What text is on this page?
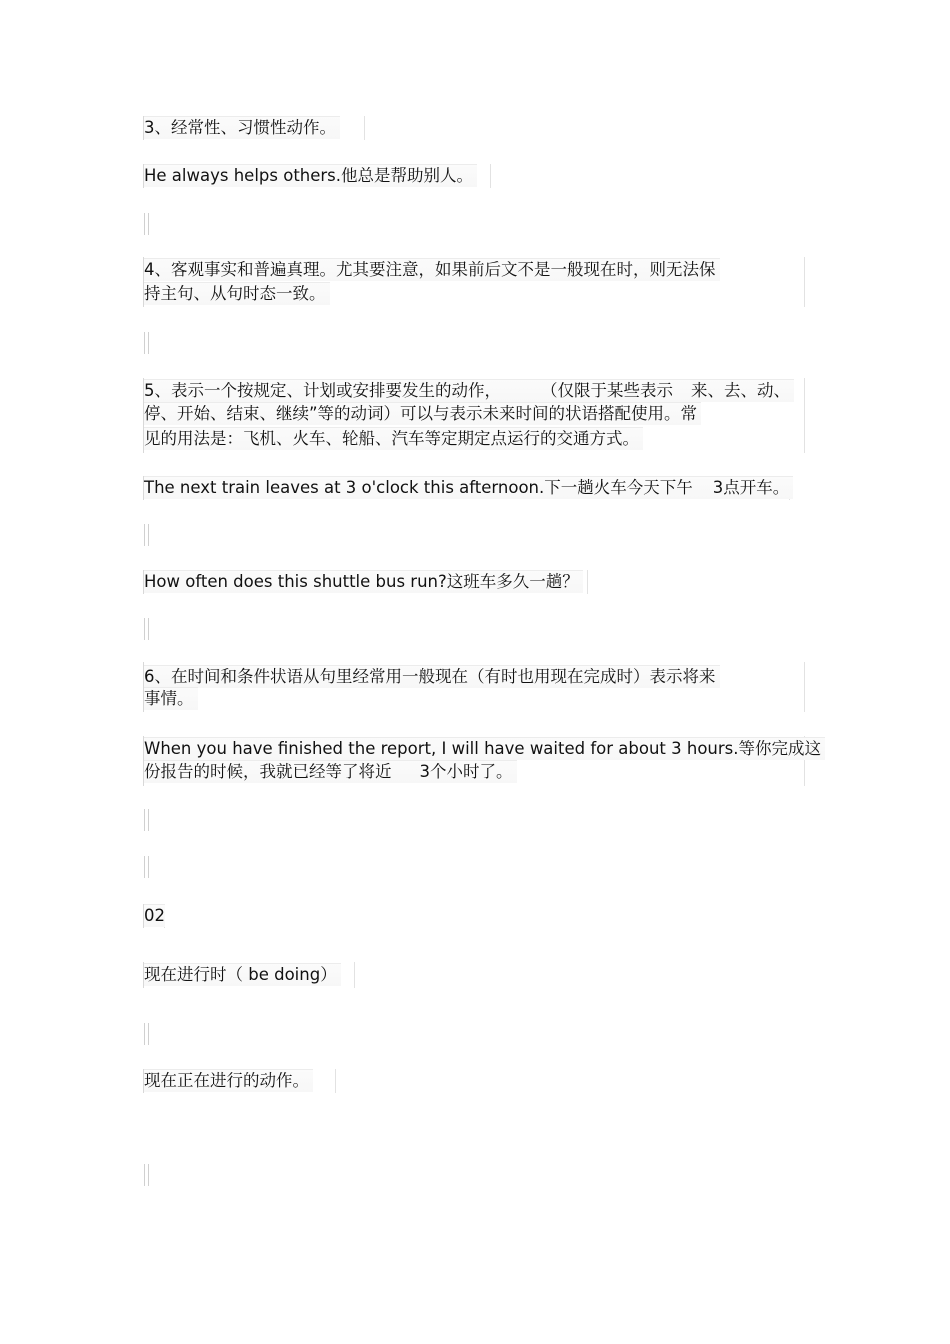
3、经常性、习惯性动作。
He always helps others.他总是帮助别人。
4、客观事实和普遍真理。尤其要注意，如果前后文不是一般现在时，则无法保
持主句、从句时态一致。
5、表示一个按规定、计划或安排要发生的动作， （仅限于某些表示 来、去、动、
停、开始、结束、继续”等的动词）可以与表示未来时间的状语搭配使用。常
见的用法是：飞机、火车、轮船、汽车等定期定点运行的交通方式。
The next train leaves at 3 o'clock this afternoon.下一趟火车今天下午 3点开车。
How often does this shuttle bus run?这班车多久一趟？
6、在时间和条件状语从句里经常用一般现在（有时也用现在完成时）表示将来
事情。
When you have finished the report, I will have waited for about 3 hours.等你完成这
份报告的时候，我就已经等了将近 3个小时了。
02
现在进行时（ be doing）
现在正在进行的动作。
